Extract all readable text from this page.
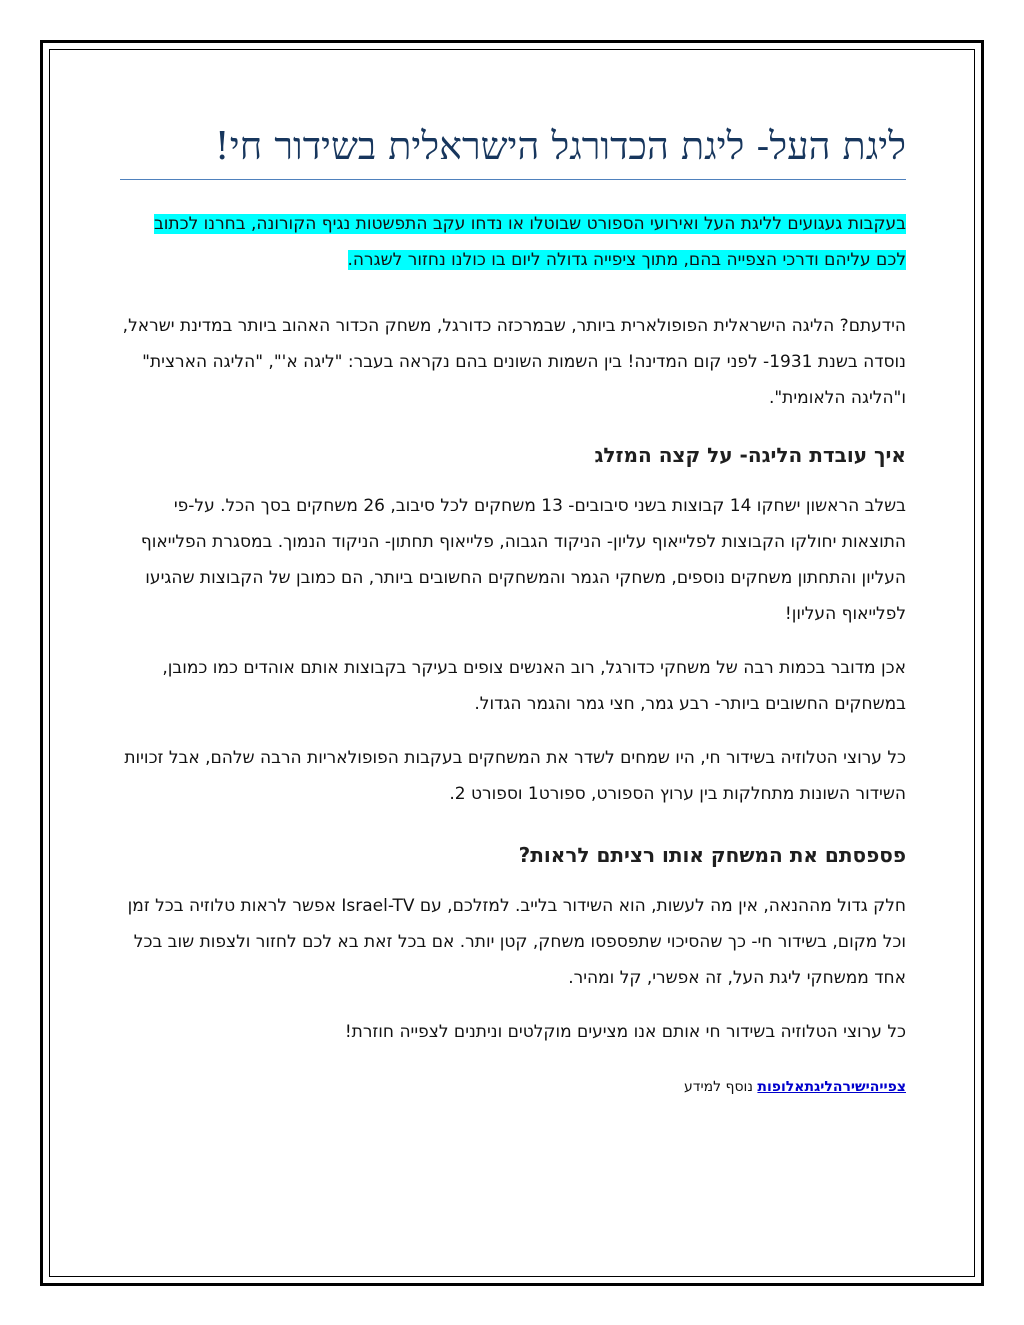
ליגת העל- ליגת הכדורגל הישראלית בשידור חי!

בעקבות געגועים לליגת העל ואירועי הספורט שבוטלו או נדחו עקב התפשטות נגיף הקורונה, בחרנו לכתוב לכם עליהם ודרכי הצפייה בהם, מתוך ציפייה גדולה ליום בו כולנו נחזור לשגרה.

הידעתם? הליגה הישראלית הפופולארית ביותר, שבמרכזה כדורגל, משחק הכדור האהוב ביותר במדינת ישראל, נוסדה בשנת 1931- לפני קום המדינה! בין השמות השונים בהם נקראה בעבר: "ליגה א'", "הליגה הארצית" ו"הליגה הלאומית".

איך עובדת הליגה- על קצה המזלג

בשלב הראשון ישחקו 14 קבוצות בשני סיבובים- 13 משחקים לכל סיבוב, 26 משחקים בסך הכל. על-פי התוצאות יחולקו הקבוצות לפלייאוף עליון- הניקוד הגבוה, פלייאוף תחתון- הניקוד הנמוך. במסגרת הפלייאוף העליון והתחתון משחקים נוספים, משחקי הגמר והמשחקים החשובים ביותר, הם כמובן של הקבוצות שהגיעו לפלייאוף העליון!

אכן מדובר בכמות רבה של משחקי כדורגל, רוב האנשים צופים בעיקר בקבוצות אותם אוהדים כמו כמובן, במשחקים החשובים ביותר- רבע גמר, חצי גמר והגמר הגדול.

כל ערוצי הטלוזיה בשידור חי, היו שמחים לשדר את המשחקים בעקבות הפופולאריות הרבה שלהם, אבל זכויות השידור השונות מתחלקות בין ערוץ הספורט, ספורט1 וספורט 2.

פספסתם את המשחק אותו רציתם לראות?

חלק גדול מההנאה, אין מה לעשות, הוא השידור בלייב. למזלכם, עם Israel-TV אפשר לראות טלוזיה בכל זמן וכל מקום, בשידור חי- כך שהסיכוי שתפספסו משחק, קטן יותר. אם בכל זאת בא לכם לחזור ולצפות שוב בכל אחד ממשחקי ליגת העל, זה אפשרי, קל ומהיר.

כל ערוצי הטלוזיה בשידור חי אותם אנו מציעים מוקלטים וניתנים לצפייה חוזרת!

צפייהישירהליגתאלופות נוסף למידע
